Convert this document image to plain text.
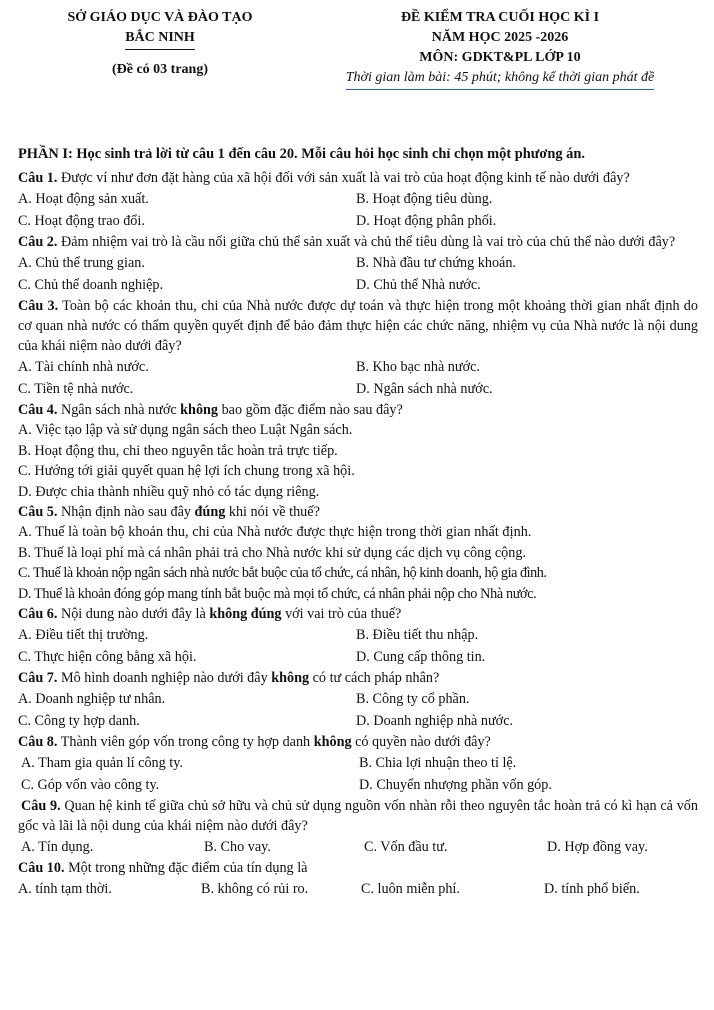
SỞ GIÁO DỤC VÀ ĐÀO TẠO
BẮC NINH
(Đề có 03 trang)
ĐỀ KIỂM TRA CUỐI HỌC KÌ I
NĂM HỌC 2025 -2026
MÔN: GDKT&PL LỚP 10
Thời gian làm bài: 45 phút; không kể thời gian phát đề
PHẦN I: Học sinh trả lời từ câu 1 đến câu 20. Mỗi câu hỏi học sinh chỉ chọn một phương án.

Câu 1. Được ví như đơn đặt hàng của xã hội đối với sản xuất là vai trò của hoạt động kinh tế nào dưới đây?

A. Hoạt động sản xuất.	B. Hoạt động tiêu dùng.
C. Hoạt động trao đổi.	D. Hoạt động phân phối.

Câu 2. Đảm nhiệm vai trò là cầu nối giữa chủ thể sản xuất và chủ thể tiêu dùng là vai trò của chủ thể nào dưới đây?

A. Chủ thể trung gian.	B. Nhà đầu tư chứng khoán.
C. Chủ thể doanh nghiệp.	D. Chủ thể Nhà nước.

Câu 3. Toàn bộ các khoản thu, chi của Nhà nước được dự toán và thực hiện trong một khoảng thời gian nhất định do cơ quan nhà nước có thẩm quyền quyết định để bảo đảm thực hiện các chức năng, nhiệm vụ của Nhà nước là nội dung của khái niệm nào dưới đây?

A. Tài chính nhà nước.	B. Kho bạc nhà nước.
C. Tiền tệ nhà nước.	D. Ngân sách nhà nước.

Câu 4. Ngân sách nhà nước không bao gồm đặc điểm nào sau đây?

A. Việc tạo lập và sử dụng ngân sách theo Luật Ngân sách.
B. Hoạt động thu, chi theo nguyên tắc hoàn trả trực tiếp.
C. Hướng tới giải quyết quan hệ lợi ích chung trong xã hội.
D. Được chia thành nhiều quỹ nhỏ có tác dụng riêng.

Câu 5. Nhận định nào sau đây đúng khi nói về thuế?

A. Thuế là toàn bộ khoản thu, chi của Nhà nước được thực hiện trong thời gian nhất định.
B. Thuế là loại phí mà cá nhân phải trả cho Nhà nước khi sử dụng các dịch vụ công cộng.
C. Thuế là khoản nộp ngân sách nhà nước bắt buộc của tổ chức, cá nhân, hộ kinh doanh, hộ gia đình.
D. Thuế là khoản đóng góp mang tính bắt buộc mà mọi tổ chức, cá nhân phải nộp cho Nhà nước.

Câu 6. Nội dung nào dưới đây là không đúng với vai trò của thuế?

A. Điều tiết thị trường.	B. Điều tiết thu nhập.
C. Thực hiện công bằng xã hội.	D. Cung cấp thông tin.

Câu 7. Mô hình doanh nghiệp nào dưới đây không có tư cách pháp nhân?

A. Doanh nghiệp tư nhân.	B. Công ty cổ phần.
C. Công ty hợp danh.	D. Doanh nghiệp nhà nước.

Câu 8. Thành viên góp vốn trong công ty hợp danh không có quyền nào dưới đây?

A. Tham gia quản lí công ty.	B. Chia lợi nhuận theo tỉ lệ.
C. Góp vốn vào công ty.	D. Chuyển nhượng phần vốn góp.

Câu 9. Quan hệ kinh tế giữa chủ sở hữu và chủ sử dụng nguồn vốn nhàn rỗi theo nguyên tắc hoàn trả có kì hạn cả vốn gốc và lãi là nội dung của khái niệm nào dưới đây?

A. Tín dụng.	B. Cho vay.	C. Vốn đầu tư.	D. Hợp đồng vay.

Câu 10. Một trong những đặc điểm của tín dụng là

A. tính tạm thời.	B. không có rủi ro.	C. luôn miễn phí.	D. tính phổ biến.
